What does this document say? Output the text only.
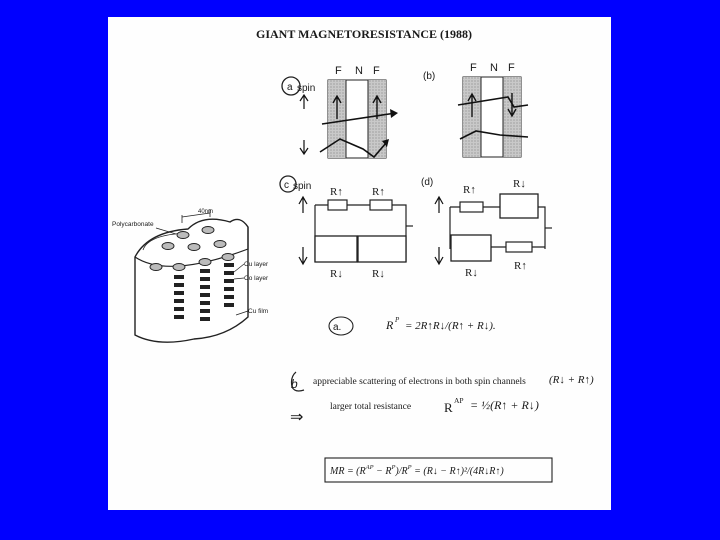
GIANT MAGNETORESISTANCE (1988)
a spin
F N F	(b)
F N F
c spin R↑	R↑
R↓	R↓
(d)
R↑	R↓
R↓
R↑
40nm
Polycarbonate
Cu layer
Co layer
Cu film
a.	R P = 2R↑R↓/(R↑ + R↓).
b appreciable scattering of electrons in both spin channels (R↓ + R↑)
⇒
larger total resistance	R AP = ½(R↑ + R↓)
MR = $(R^{AP} - R^P)/R^P$ = (R↓ − R↑)²/(4R↓R↑)
